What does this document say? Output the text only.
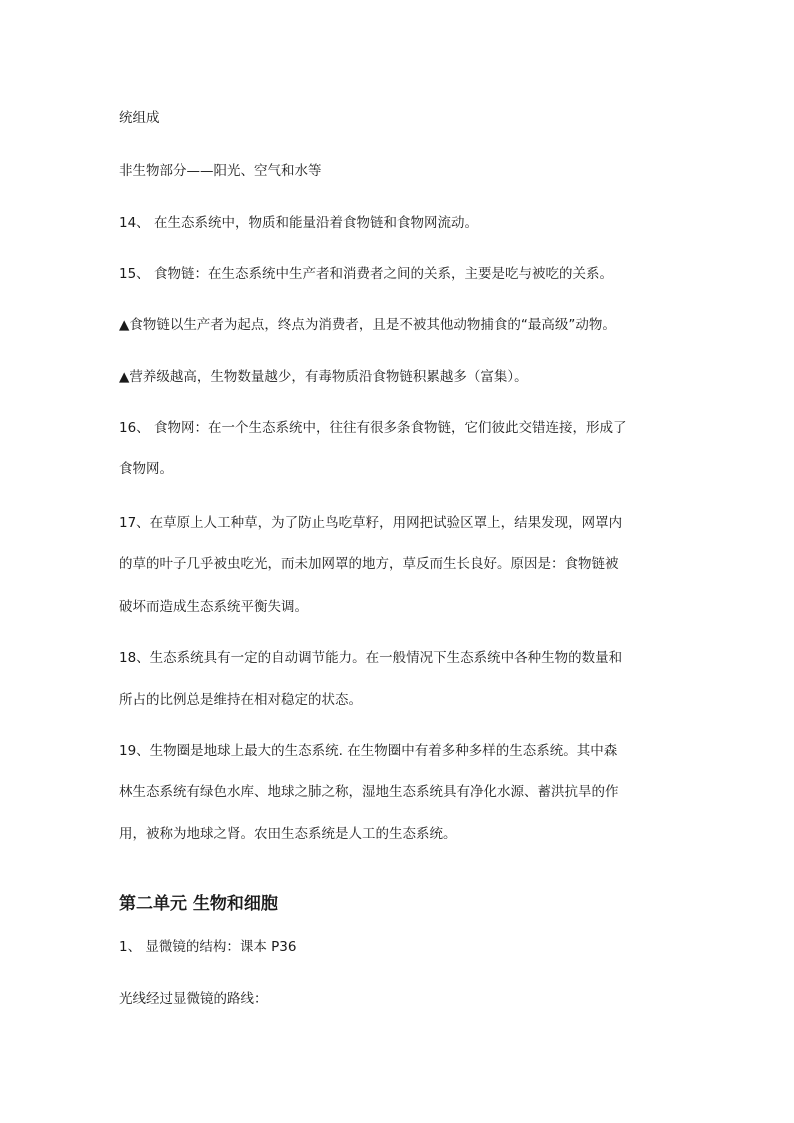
统组成
非生物部分——阳光、空气和水等
14、 在生态系统中，物质和能量沿着食物链和食物网流动。
15、 食物链：在生态系统中生产者和消费者之间的关系，主要是吃与被吃的关系。
▲食物链以生产者为起点，终点为消费者，且是不被其他动物捕食的“最高级”动物。
▲营养级越高，生物数量越少，有毒物质沿食物链积累越多（富集）。
16、 食物网：在一个生态系统中，往往有很多条食物链，它们彼此交错连接，形成了
食物网。
17、在草原上人工种草，为了防止鸟吃草籽，用网把试验区罩上，结果发现，网罩内
的草的叶子几乎被虫吃光，而未加网罩的地方，草反而生长良好。原因是：食物链被
破坏而造成生态系统平衡失调。
18、生态系统具有一定的自动调节能力。在一般情况下生态系统中各种生物的数量和
所占的比例总是维持在相对稳定的状态。
19、生物圈是地球上最大的生态系统. 在生物圈中有着多种多样的生态系统。其中森
林生态系统有绿色水库、地球之肺之称，湿地生态系统具有净化水源、蓄洪抗旱的作
用，被称为地球之肾。农田生态系统是人工的生态系统。
第二单元 生物和细胞
1、 显微镜的结构：课本 P36
光线经过显微镜的路线：
